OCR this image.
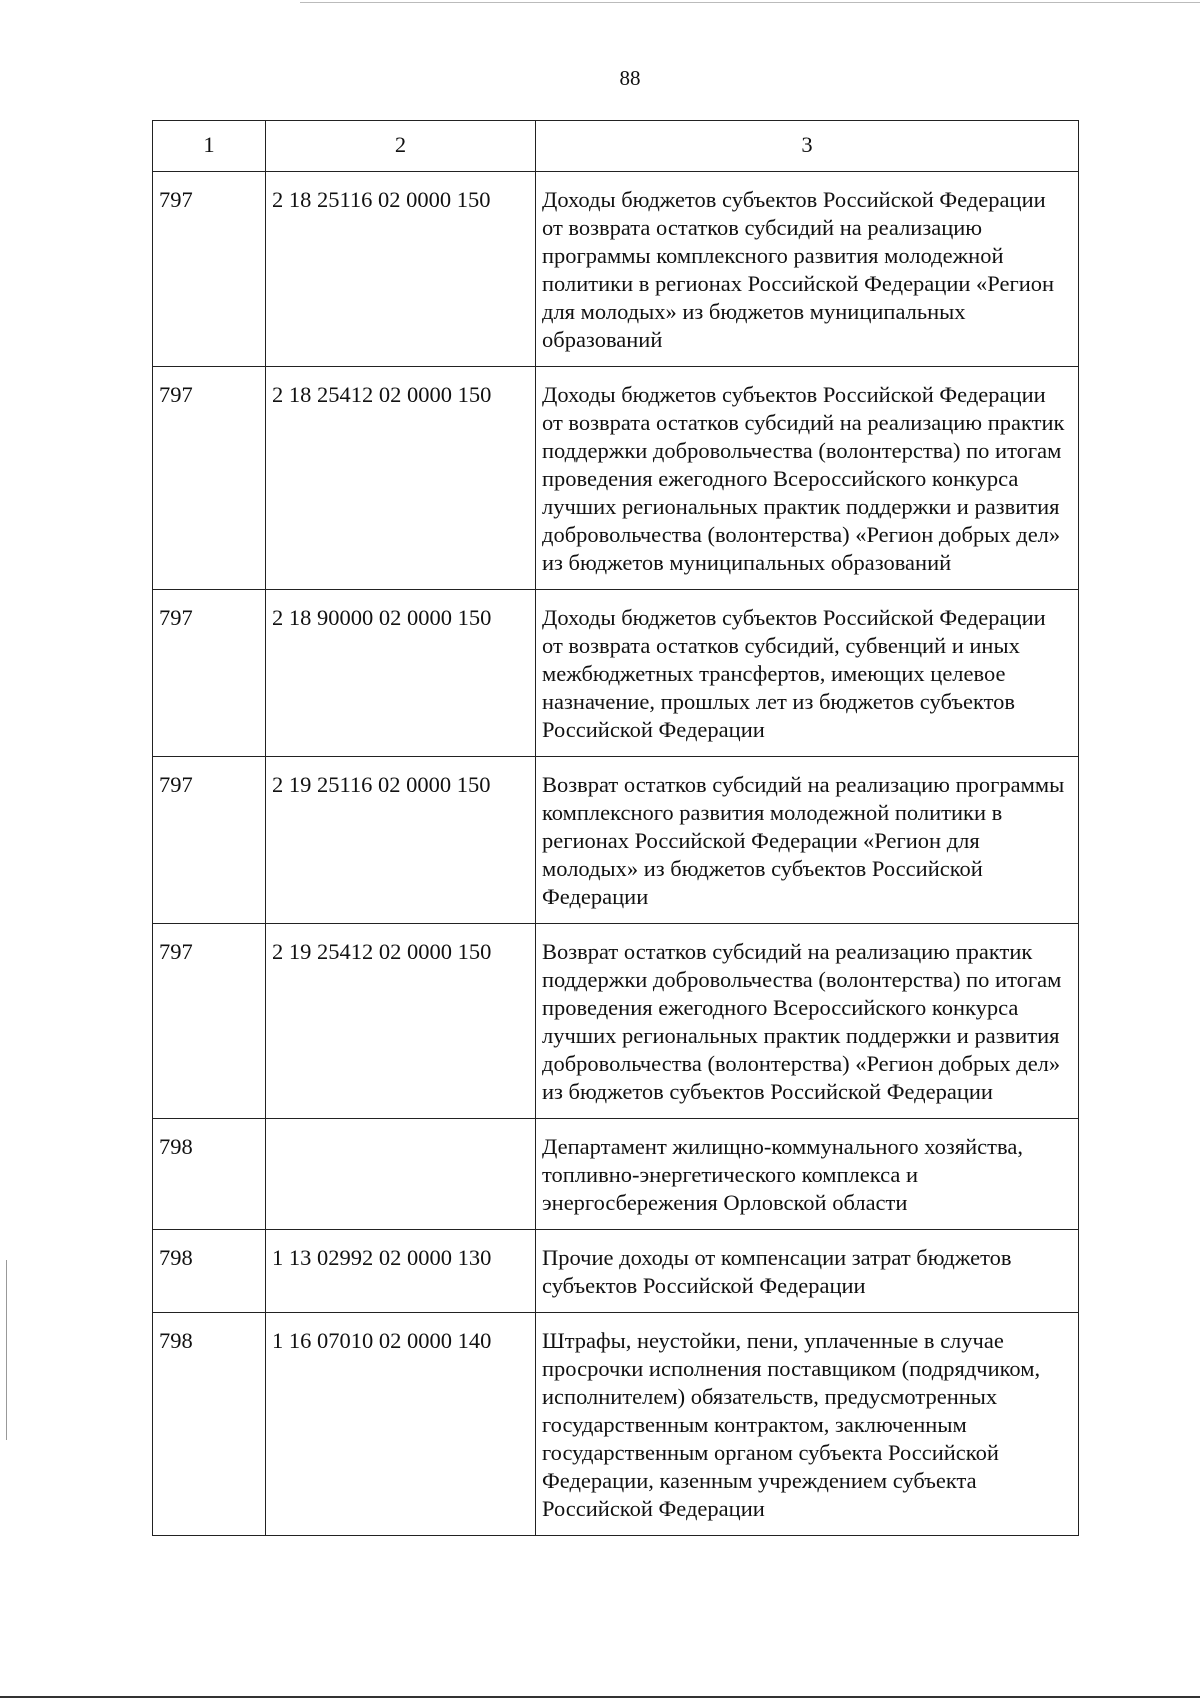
88
1	2	3
797	2 18 25116 02 0000 150	Доходы бюджетов субъектов Российской Федерации от возврата остатков субсидий на реализацию программы комплексного развития молодежной политики в регионах Российской Федерации «Регион для молодых» из бюджетов муниципальных образований
797	2 18 25412 02 0000 150	Доходы бюджетов субъектов Российской Федерации от возврата остатков субсидий на реализацию практик поддержки добровольчества (волонтерства) по итогам проведения ежегодного Всероссийского конкурса лучших региональных практик поддержки и развития добровольчества (волонтерства) «Регион добрых дел» из бюджетов муниципальных образований
797	2 18 90000 02 0000 150	Доходы бюджетов субъектов Российской Федерации от возврата остатков субсидий, субвенций и иных межбюджетных трансфертов, имеющих целевое назначение, прошлых лет из бюджетов субъектов Российской Федерации
797	2 19 25116 02 0000 150	Возврат остатков субсидий на реализацию программы комплексного развития молодежной политики в регионах Российской Федерации «Регион для молодых» из бюджетов субъектов Российской Федерации
797	2 19 25412 02 0000 150	Возврат остатков субсидий на реализацию практик поддержки добровольчества (волонтерства) по итогам проведения ежегодного Всероссийского конкурса лучших региональных практик поддержки и развития добровольчества (волонтерства) «Регион добрых дел» из бюджетов субъектов Российской Федерации
798		Департамент жилищно-коммунального хозяйства, топливно-энергетического комплекса и энергосбережения Орловской области
798	1 13 02992 02 0000 130	Прочие доходы от компенсации затрат бюджетов субъектов Российской Федерации
798	1 16 07010 02 0000 140	Штрафы, неустойки, пени, уплаченные в случае просрочки исполнения поставщиком (подрядчиком, исполнителем) обязательств, предусмотренных государственным контрактом, заключенным государственным органом субъекта Российской Федерации, казенным учреждением субъекта Российской Федерации
